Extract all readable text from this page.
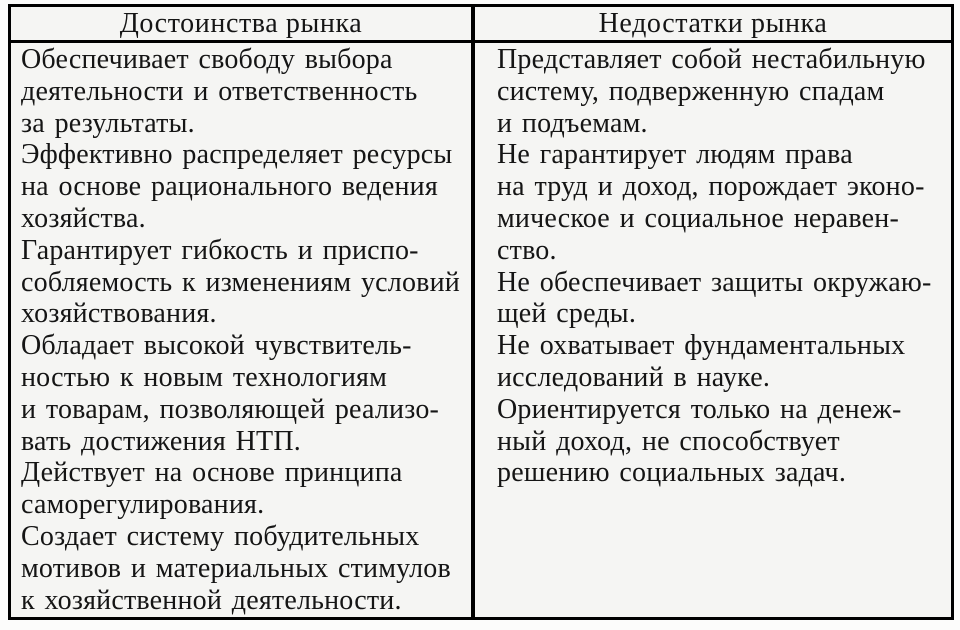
Достоинства рынка	Недостатки рынка

Обеспечивает свободу выбора
деятельности и ответственность
за результаты.

Эффективно распределяет ресурсы
на основе рационального ведения
хозяйства.

Гарантирует гибкость и приспо-
собляемость к изменениям условий
хозяйствования.

Обладает высокой чувствитель-
ностью к новым технологиям
и товарам, позволяющей реализо-
вать достижения НТП.

Действует на основе принципа
саморегулирования.

Создает систему побудительных
мотивов и материальных стимулов
к хозяйственной деятельности.

Представляет собой нестабильную
систему, подверженную спадам
и подъемам.

Не гарантирует людям права
на труд и доход, порождает эконо-
мическое и социальное неравен-
ство.

Не обеспечивает защиты окружаю-
щей среды.

Не охватывает фундаментальных
исследований в науке.

Ориентируется только на денеж-
ный доход, не способствует
решению социальных задач.
